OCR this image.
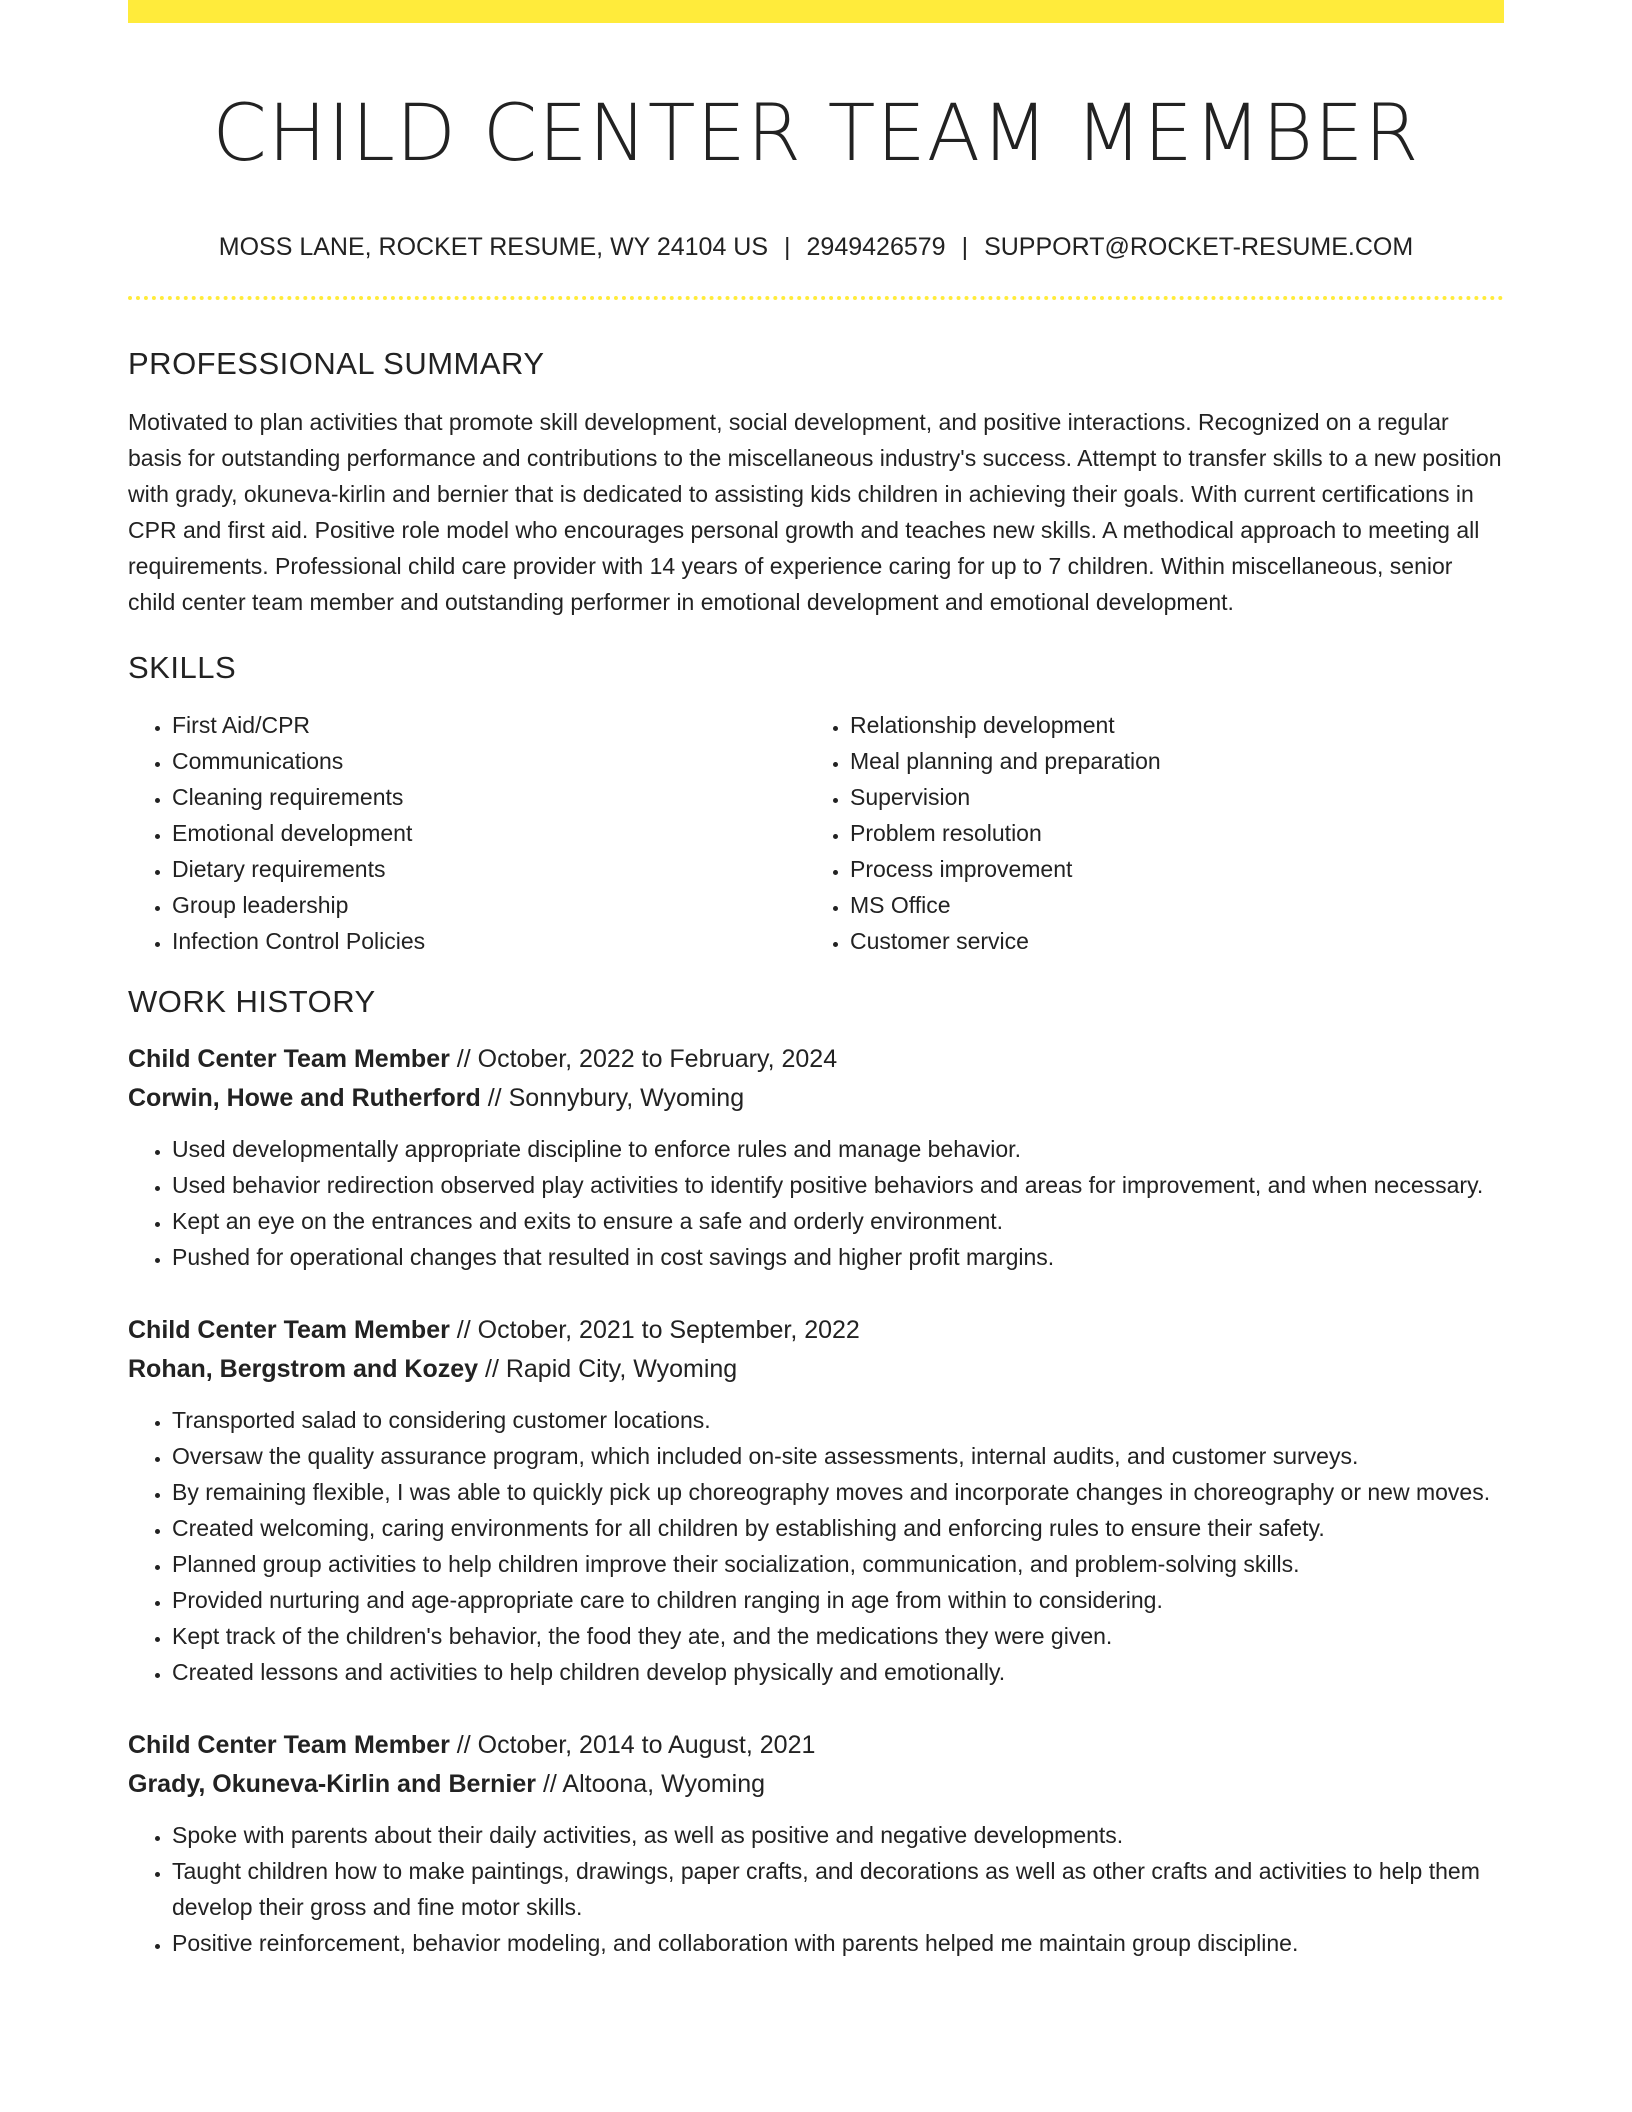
CHILD CENTER TEAM MEMBER
MOSS LANE, ROCKET RESUME, WY 24104 US | 2949426579 | SUPPORT@ROCKET-RESUME.COM
PROFESSIONAL SUMMARY

Motivated to plan activities that promote skill development, social development, and positive interactions. Recognized on a regular basis for outstanding performance and contributions to the miscellaneous industry's success. Attempt to transfer skills to a new position with grady, okuneva-kirlin and bernier that is dedicated to assisting kids children in achieving their goals. With current certifications in CPR and first aid. Positive role model who encourages personal growth and teaches new skills. A methodical approach to meeting all requirements. Professional child care provider with 14 years of experience caring for up to 7 children. Within miscellaneous, senior child center team member and outstanding performer in emotional development and emotional development.

SKILLS
• First Aid/CPR
• Communications
• Cleaning requirements
• Emotional development
• Dietary requirements
• Group leadership
• Infection Control Policies
• Relationship development
• Meal planning and preparation
• Supervision
• Problem resolution
• Process improvement
• MS Office
• Customer service
WORK HISTORY
Child Center Team Member // October, 2022 to February, 2024
Corwin, Howe and Rutherford // Sonnybury, Wyoming
• Used developmentally appropriate discipline to enforce rules and manage behavior.
• Used behavior redirection observed play activities to identify positive behaviors and areas for improvement, and when necessary.
• Kept an eye on the entrances and exits to ensure a safe and orderly environment.
• Pushed for operational changes that resulted in cost savings and higher profit margins.
Child Center Team Member // October, 2021 to September, 2022
Rohan, Bergstrom and Kozey // Rapid City, Wyoming
• Transported salad to considering customer locations.
• Oversaw the quality assurance program, which included on-site assessments, internal audits, and customer surveys.
• By remaining flexible, I was able to quickly pick up choreography moves and incorporate changes in choreography or new moves.
• Created welcoming, caring environments for all children by establishing and enforcing rules to ensure their safety.
• Planned group activities to help children improve their socialization, communication, and problem-solving skills.
• Provided nurturing and age-appropriate care to children ranging in age from within to considering.
• Kept track of the children's behavior, the food they ate, and the medications they were given.
• Created lessons and activities to help children develop physically and emotionally.
Child Center Team Member // October, 2014 to August, 2021
Grady, Okuneva-Kirlin and Bernier // Altoona, Wyoming
• Spoke with parents about their daily activities, as well as positive and negative developments.
• Taught children how to make paintings, drawings, paper crafts, and decorations as well as other crafts and activities to help them develop their gross and fine motor skills.
• Positive reinforcement, behavior modeling, and collaboration with parents helped me maintain group discipline.
